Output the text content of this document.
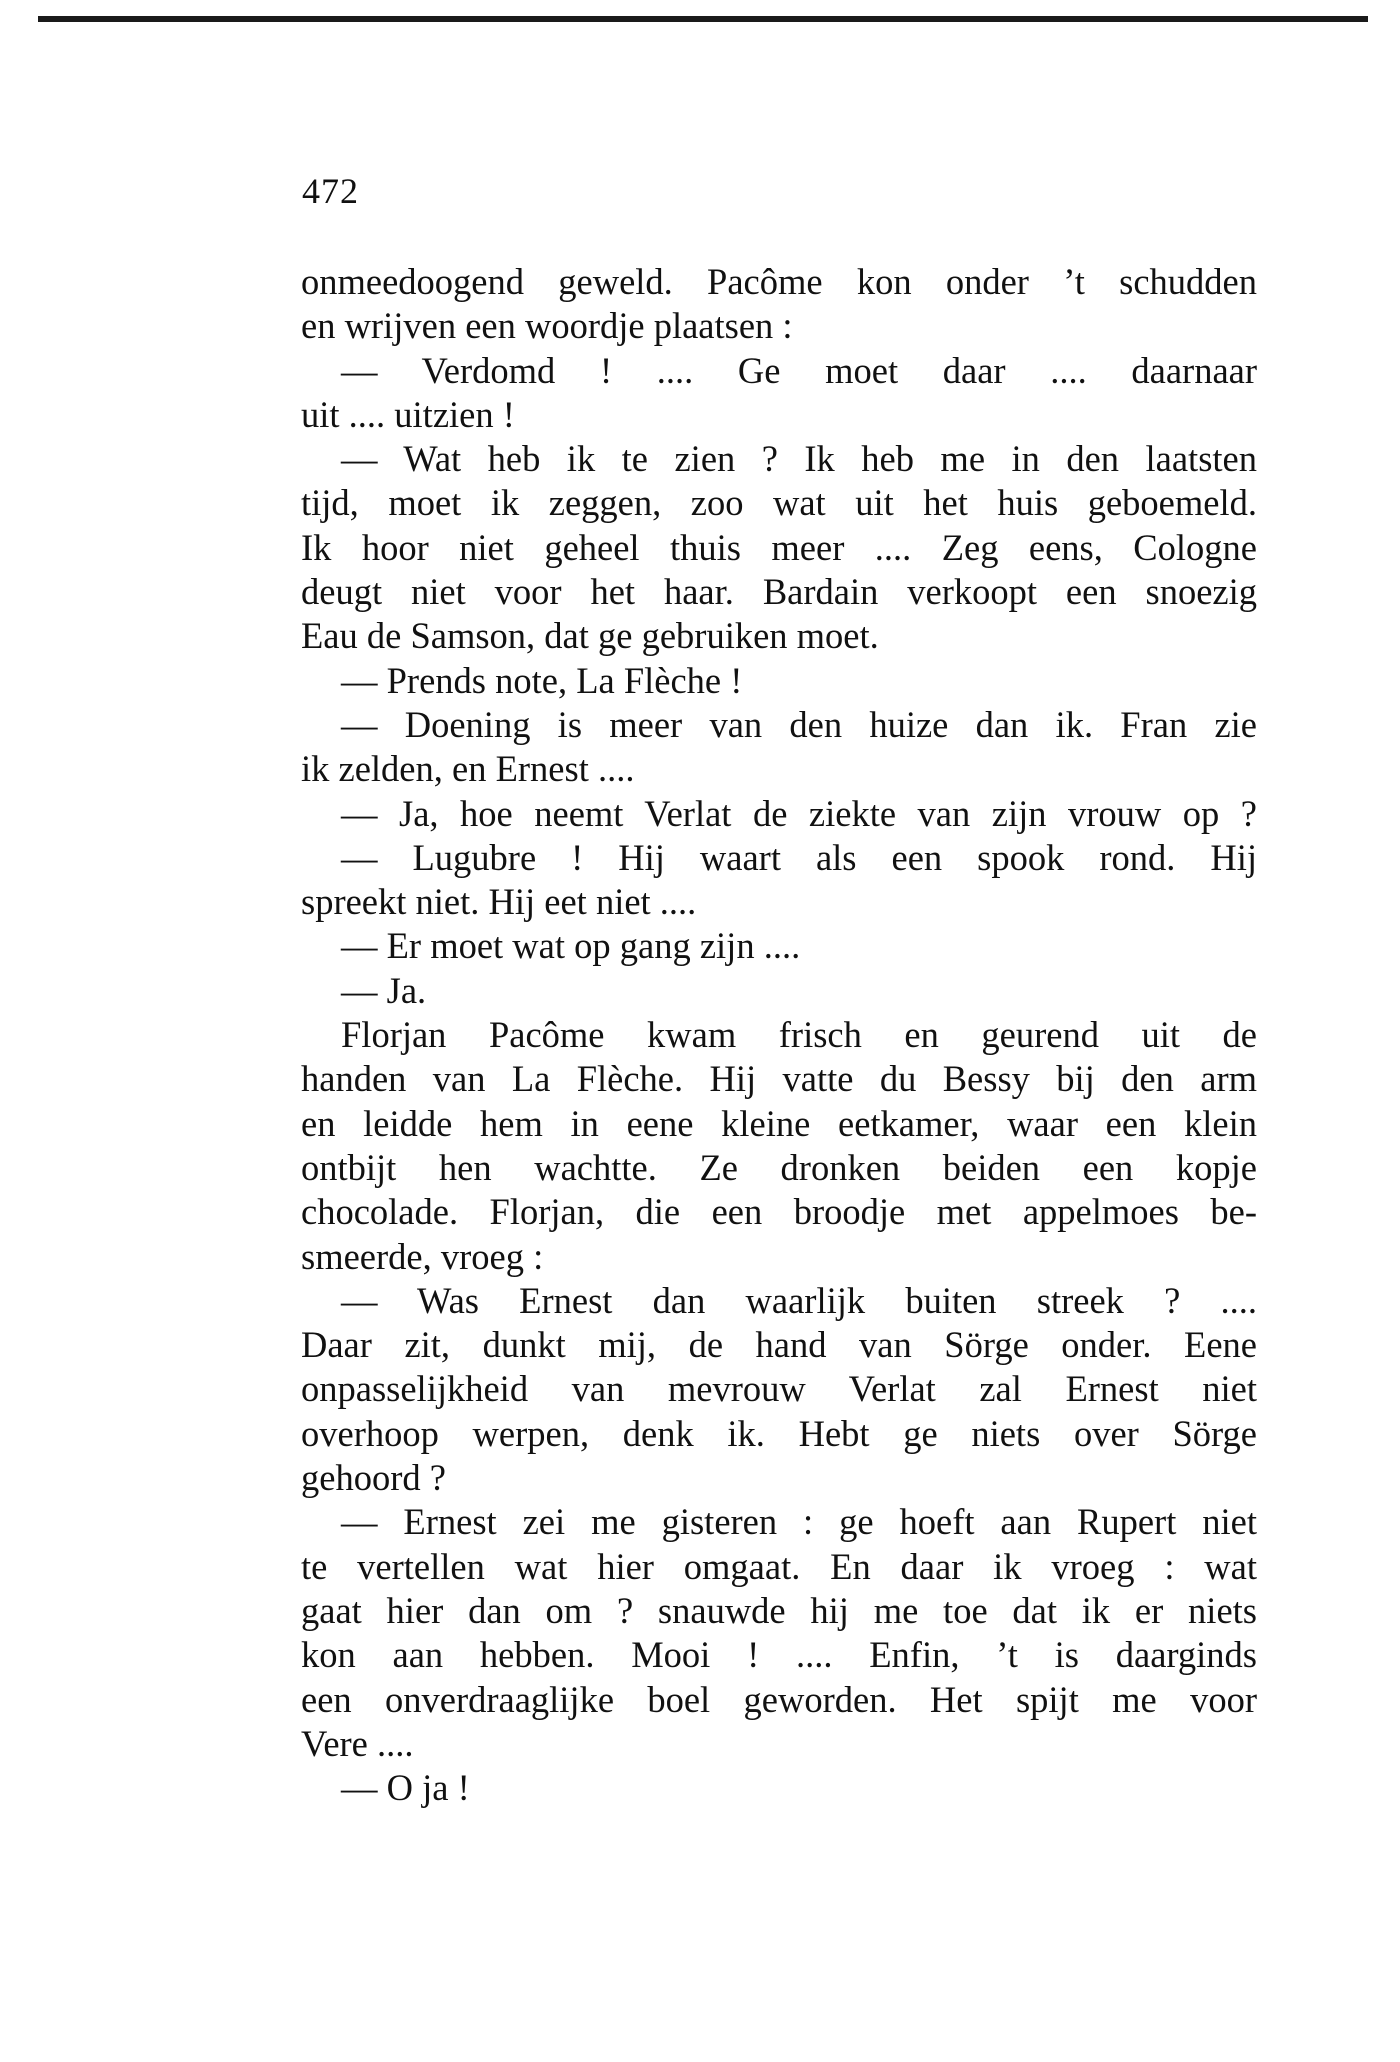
472
onmeedoogend geweld. Pacôme kon onder ’t schudden
en wrijven een woordje plaatsen :
— Verdomd ! .... Ge moet daar .... daarnaar
uit .... uitzien !
— Wat heb ik te zien ? Ik heb me in den laatsten
tijd, moet ik zeggen, zoo wat uit het huis geboemeld.
Ik hoor niet geheel thuis meer .... Zeg eens, Cologne
deugt niet voor het haar. Bardain verkoopt een snoezig
Eau de Samson, dat ge gebruiken moet.
— Prends note, La Flèche !
— Doening is meer van den huize dan ik. Fran zie
ik zelden, en Ernest ....
— Ja, hoe neemt Verlat de ziekte van zijn vrouw op ?
— Lugubre ! Hij waart als een spook rond. Hij
spreekt niet. Hij eet niet ....
— Er moet wat op gang zijn ....
— Ja.
Florjan Pacôme kwam frisch en geurend uit de
handen van La Flèche. Hij vatte du Bessy bij den arm
en leidde hem in eene kleine eetkamer, waar een klein
ontbijt hen wachtte. Ze dronken beiden een kopje
chocolade. Florjan, die een broodje met appelmoes be-
smeerde, vroeg :
— Was Ernest dan waarlijk buiten streek ? ....
Daar zit, dunkt mij, de hand van Sörge onder. Eene
onpasselijkheid van mevrouw Verlat zal Ernest niet
overhoop werpen, denk ik. Hebt ge niets over Sörge
gehoord ?
— Ernest zei me gisteren : ge hoeft aan Rupert niet
te vertellen wat hier omgaat. En daar ik vroeg : wat
gaat hier dan om ? snauwde hij me toe dat ik er niets
kon aan hebben. Mooi ! .... Enfin, ’t is daarginds
een onverdraaglijke boel geworden. Het spijt me voor
Vere ....
— O ja !
